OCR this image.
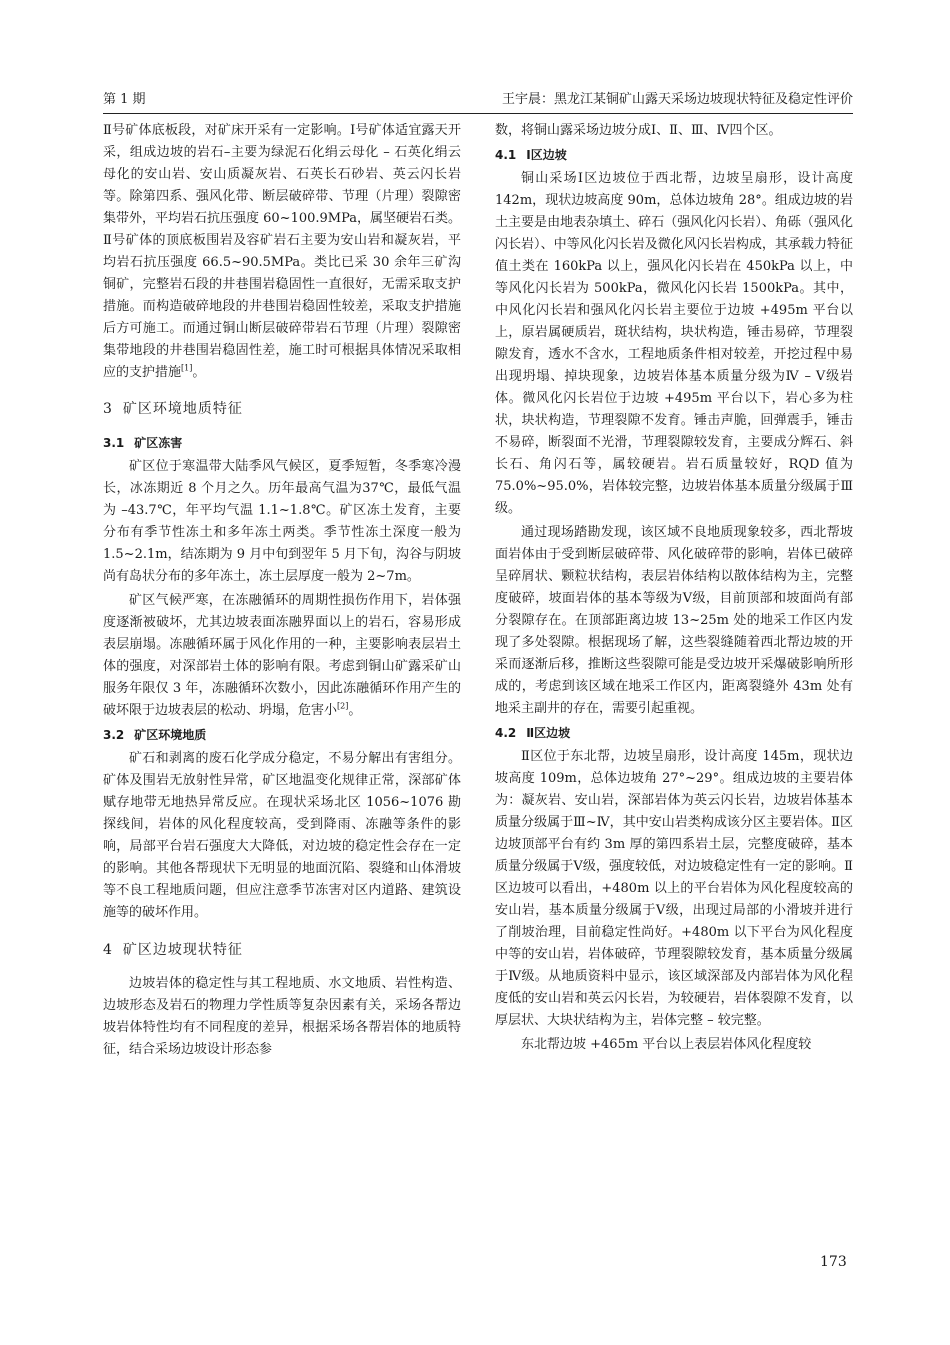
第 1 期	王宇晨：黑龙江某铜矿山露天采场边坡现状特征及稳定性评价

Ⅱ号矿体底板段，对矿床开采有一定影响。Ⅰ号矿体适宜露天开采，组成边坡的岩石–主要为绿泥石化绢云母化 – 石英化绢云母化的安山岩、安山质凝灰岩、石英长石砂岩、英云闪长岩等。除第四系、强风化带、断层破碎带、节理（片理）裂隙密集带外，平均岩石抗压强度 60~100.9MPa，属坚硬岩石类。Ⅱ号矿体的顶底板围岩及容矿岩石主要为安山岩和凝灰岩，平均岩石抗压强度 66.5~90.5MPa。类比已采 30 余年三矿沟铜矿，完整岩石段的井巷围岩稳固性一直很好，无需采取支护措施。而构造破碎地段的井巷围岩稳固性较差，采取支护措施后方可施工。而通过铜山断层破碎带岩石节理（片理）裂隙密集带地段的井巷围岩稳固性差，施工时可根据具体情况采取相应的支护措施[1]。

3 矿区环境地质特征
3.1 矿区冻害

矿区位于寒温带大陆季风气候区，夏季短暂，冬季寒冷漫长，冰冻期近 8 个月之久。历年最高气温为37℃，最低气温为 –43.7℃，年平均气温 1.1~1.8℃。矿区冻土发育，主要分布有季节性冻土和多年冻土两类。季节性冻土深度一般为 1.5~2.1m，结冻期为 9 月中旬到翌年 5 月下旬，沟谷与阴坡尚有岛状分布的多年冻土，冻土层厚度一般为 2~7m。

矿区气候严寒，在冻融循环的周期性损伤作用下，岩体强度逐渐被破坏，尤其边坡表面冻融界面以上的岩石，容易形成表层崩塌。冻融循环属于风化作用的一种，主要影响表层岩土体的强度，对深部岩土体的影响有限。考虑到铜山矿露采矿山服务年限仅 3 年，冻融循环次数小，因此冻融循环作用产生的破坏限于边坡表层的松动、坍塌，危害小[2]。

3.2 矿区环境地质

矿石和剥离的废石化学成分稳定，不易分解出有害组分。矿体及围岩无放射性异常，矿区地温变化规律正常，深部矿体赋存地带无地热异常反应。在现状采场北区 1056~1076 勘探线间，岩体的风化程度较高，受到降雨、冻融等条件的影响，局部平台岩石强度大大降低，对边坡的稳定性会存在一定的影响。其他各帮现状下无明显的地面沉陷、裂缝和山体滑坡等不良工程地质问题，但应注意季节冻害对区内道路、建筑设施等的破坏作用。

4 矿区边坡现状特征

边坡岩体的稳定性与其工程地质、水文地质、岩性构造、边坡形态及岩石的物理力学性质等复杂因素有关，采场各帮边坡岩体特性均有不同程度的差异，根据采场各帮岩体的地质特征，结合采场边坡设计形态参

数，将铜山露采场边坡分成Ⅰ、Ⅱ、Ⅲ、Ⅳ四个区。

4.1 Ⅰ区边坡

铜山采场Ⅰ区边坡位于西北帮，边坡呈扇形，设计高度 142m，现状边坡高度 90m，总体边坡角 28°。组成边坡的岩土主要是由地表杂填土、碎石（强风化闪长岩）、角砾（强风化闪长岩）、中等风化闪长岩及微化风闪长岩构成，其承载力特征值土类在 160kPa 以上，强风化闪长岩在 450kPa 以上，中等风化闪长岩为 500kPa，微风化闪长岩 1500kPa。其中，中风化闪长岩和强风化闪长岩主要位于边坡 +495m 平台以上，原岩属硬质岩，斑状结构，块状构造，锤击易碎，节理裂隙发育，透水不含水，工程地质条件相对较差，开挖过程中易出现坍塌、掉块现象，边坡岩体基本质量分级为Ⅳ – Ⅴ级岩体。微风化闪长岩位于边坡 +495m 平台以下，岩心多为柱状，块状构造，节理裂隙不发育。锤击声脆，回弹震手，锤击不易碎，断裂面不光滑，节理裂隙较发育，主要成分辉石、斜长石、角闪石等，属较硬岩。岩石质量较好，RQD 值为 75.0%~95.0%，岩体较完整，边坡岩体基本质量分级属于Ⅲ级。

通过现场踏勘发现，该区域不良地质现象较多，西北帮坡面岩体由于受到断层破碎带、风化破碎带的影响，岩体已破碎呈碎屑状、颗粒状结构，表层岩体结构以散体结构为主，完整度破碎，坡面岩体的基本等级为Ⅴ级，目前顶部和坡面尚有部分裂隙存在。在顶部距离边坡 13~25m 处的地采工作区内发现了多处裂隙。根据现场了解，这些裂缝随着西北帮边坡的开采而逐渐后移，推断这些裂隙可能是受边坡开采爆破影响所形成的，考虑到该区域在地采工作区内，距离裂缝外 43m 处有地采主副井的存在，需要引起重视。

4.2 Ⅱ区边坡

Ⅱ区位于东北帮，边坡呈扇形，设计高度 145m，现状边坡高度 109m，总体边坡角 27°~29°。组成边坡的主要岩体为：凝灰岩、安山岩，深部岩体为英云闪长岩，边坡岩体基本质量分级属于Ⅲ~Ⅳ，其中安山岩类构成该分区主要岩体。Ⅱ区边坡顶部平台有约 3m 厚的第四系岩土层，完整度破碎，基本质量分级属于Ⅴ级，强度较低，对边坡稳定性有一定的影响。Ⅱ区边坡可以看出，+480m 以上的平台岩体为风化程度较高的安山岩，基本质量分级属于Ⅴ级，出现过局部的小滑坡并进行了削坡治理，目前稳定性尚好。+480m 以下平台为风化程度中等的安山岩，岩体破碎，节理裂隙较发育，基本质量分级属于Ⅳ级。从地质资料中显示，该区域深部及内部岩体为风化程度低的安山岩和英云闪长岩，为较硬岩，岩体裂隙不发育，以厚层状、大块状结构为主，岩体完整 – 较完整。

东北帮边坡 +465m 平台以上表层岩体风化程度较

173
